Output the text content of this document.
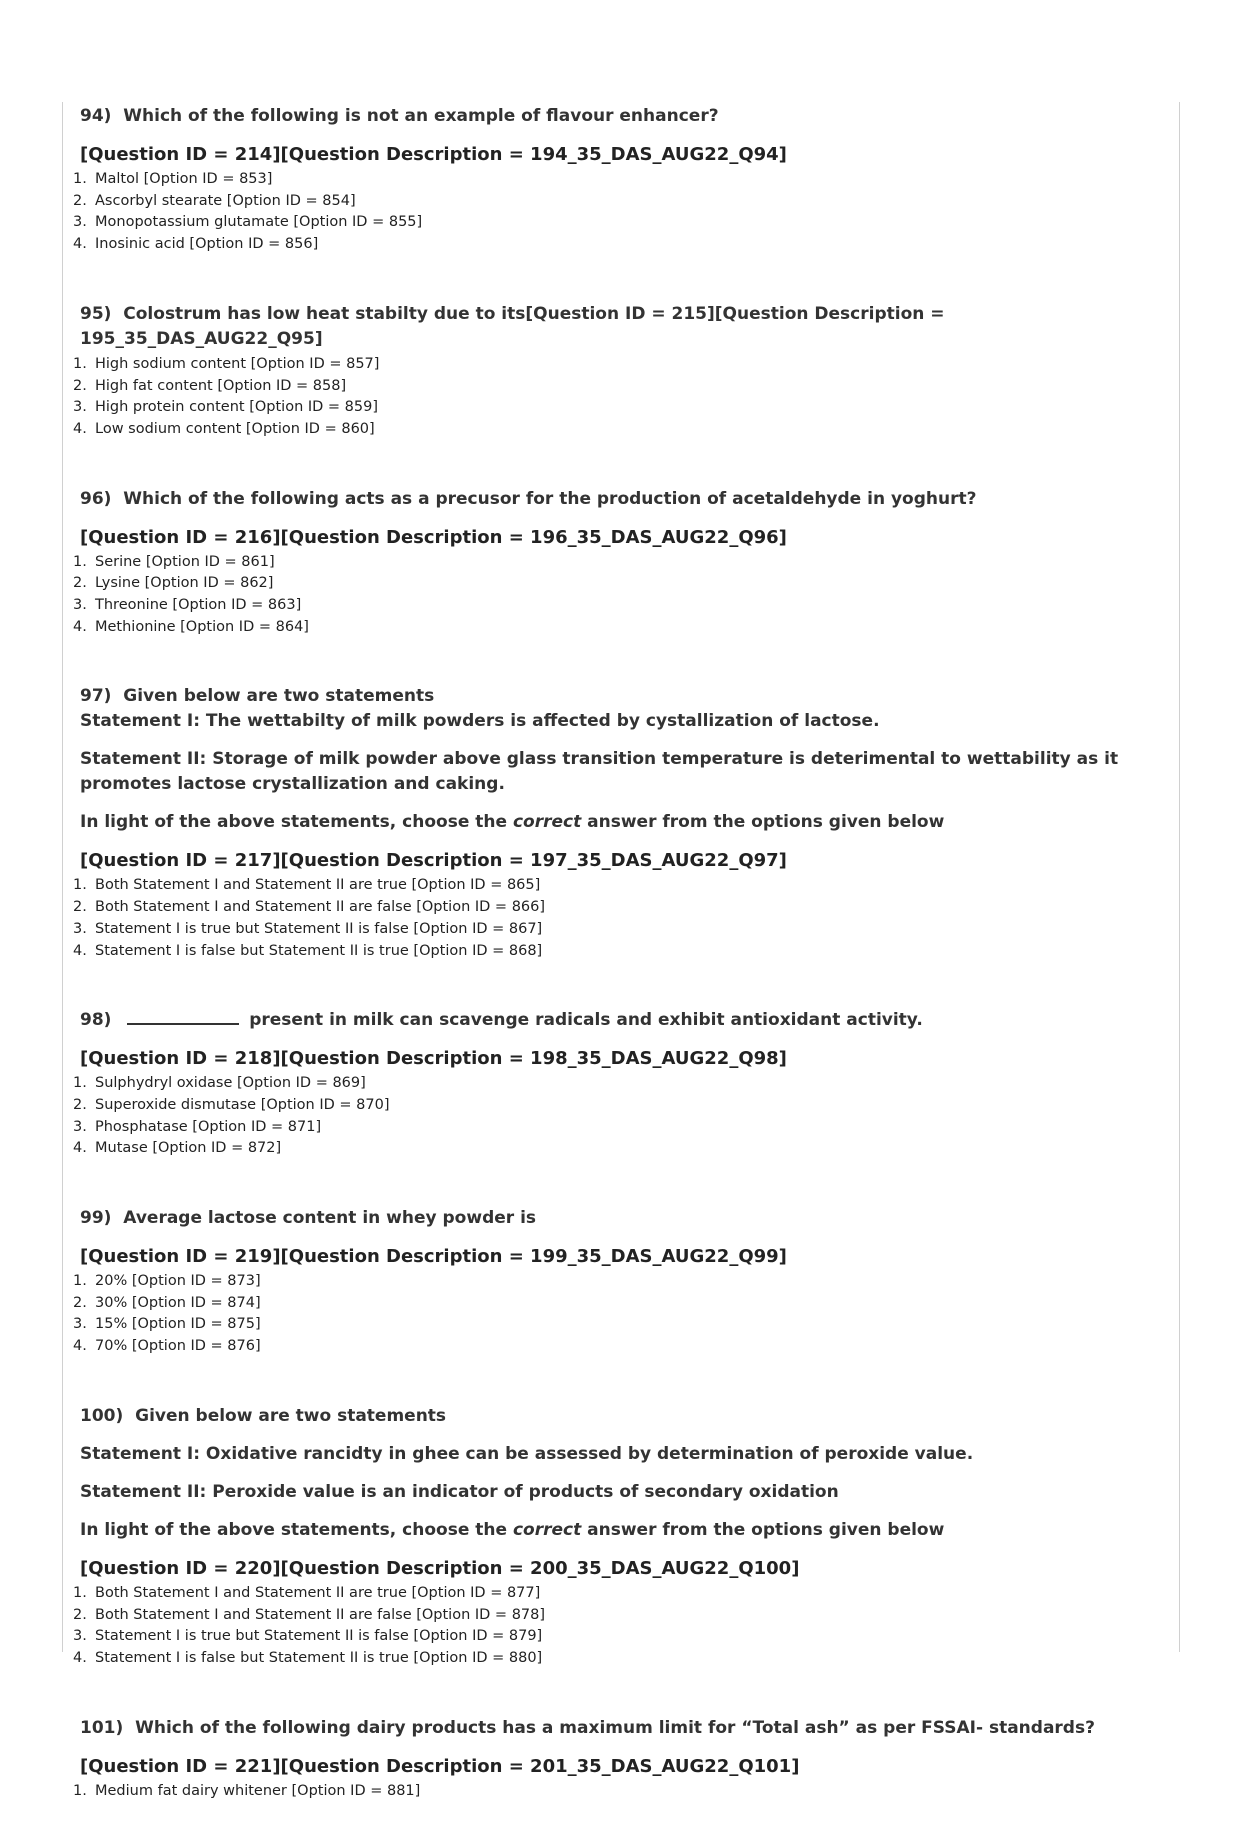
94) Which of the following is not an example of flavour enhancer?

[Question ID = 214][Question Description = 194_35_DAS_AUG22_Q94]

1. Maltol [Option ID = 853]
2. Ascorbyl stearate [Option ID = 854]
3. Monopotassium glutamate [Option ID = 855]
4. Inosinic acid [Option ID = 856]

95) Colostrum has low heat stabilty due to its[Question ID = 215][Question Description = 195_35_DAS_AUG22_Q95]

1. High sodium content [Option ID = 857]
2. High fat content [Option ID = 858]
3. High protein content [Option ID = 859]
4. Low sodium content [Option ID = 860]

96) Which of the following acts as a precusor for the production of acetaldehyde in yoghurt?

[Question ID = 216][Question Description = 196_35_DAS_AUG22_Q96]

1. Serine [Option ID = 861]
2. Lysine [Option ID = 862]
3. Threonine [Option ID = 863]
4. Methionine [Option ID = 864]

97) Given below are two statements

Statement I: The wettabilty of milk powders is affected by cystallization of lactose.

Statement II: Storage of milk powder above glass transition temperature is deterimental to wettability as it promotes lactose crystallization and caking.

In light of the above statements, choose the correct answer from the options given below

[Question ID = 217][Question Description = 197_35_DAS_AUG22_Q97]

1. Both Statement I and Statement II are true [Option ID = 865]
2. Both Statement I and Statement II are false [Option ID = 866]
3. Statement I is true but Statement II is false [Option ID = 867]
4. Statement I is false but Statement II is true [Option ID = 868]

98)	present in milk can scavenge radicals and exhibit antioxidant activity.

[Question ID = 218][Question Description = 198_35_DAS_AUG22_Q98]

1. Sulphydryl oxidase [Option ID = 869]
2. Superoxide dismutase [Option ID = 870]
3. Phosphatase [Option ID = 871]
4. Mutase [Option ID = 872]

99) Average lactose content in whey powder is

[Question ID = 219][Question Description = 199_35_DAS_AUG22_Q99]

1. 20% [Option ID = 873]
2. 30% [Option ID = 874]
3. 15% [Option ID = 875]
4. 70% [Option ID = 876]

100) Given below are two statements

Statement I: Oxidative rancidty in ghee can be assessed by determination of peroxide value.

Statement II: Peroxide value is an indicator of products of secondary oxidation

In light of the above statements, choose the correct answer from the options given below

[Question ID = 220][Question Description = 200_35_DAS_AUG22_Q100]

1. Both Statement I and Statement II are true [Option ID = 877]
2. Both Statement I and Statement II are false [Option ID = 878]
3. Statement I is true but Statement II is false [Option ID = 879]
4. Statement I is false but Statement II is true [Option ID = 880]

101) Which of the following dairy products has a maximum limit for “Total ash” as per FSSAI- standards?

[Question ID = 221][Question Description = 201_35_DAS_AUG22_Q101]

1. Medium fat dairy whitener [Option ID = 881]
